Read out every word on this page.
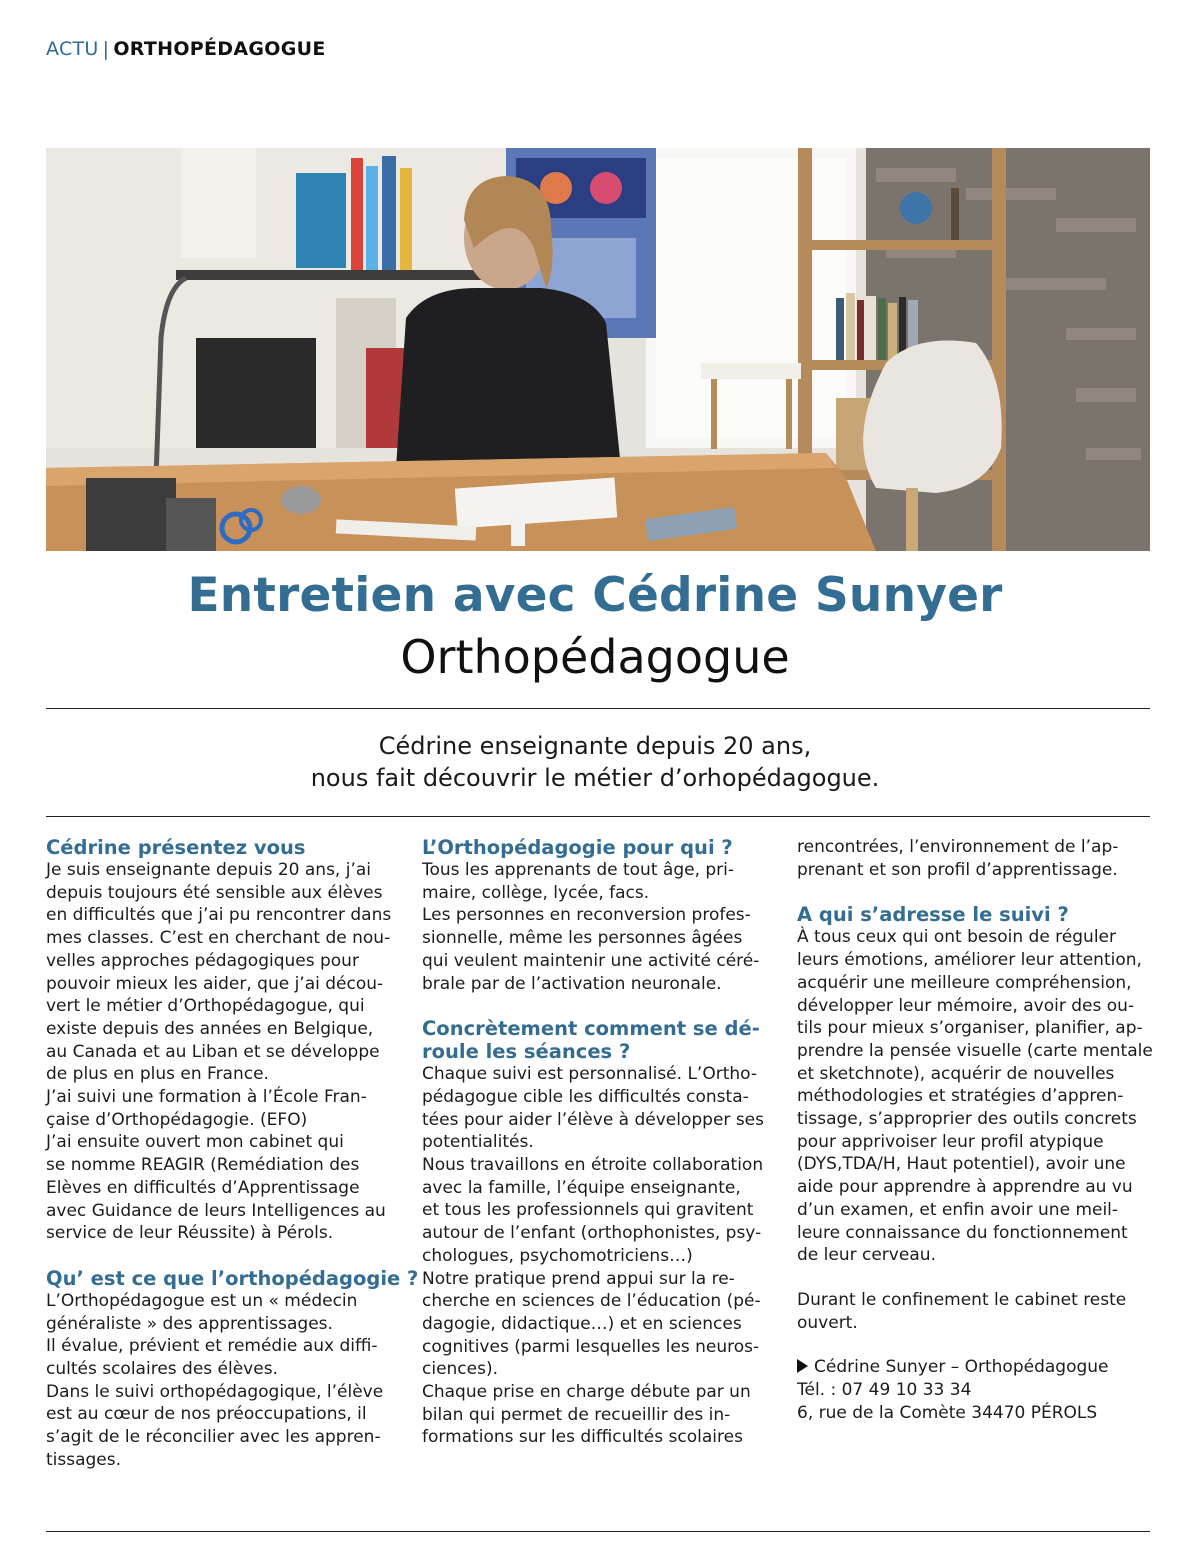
ACTU | ORTHOPÉDAGOGUE
Entretien avec Cédrine Sunyer
Orthopédagogue
Cédrine enseignante depuis 20 ans,
nous fait découvrir le métier d’orhopédagogue.
Cédrine présentez vous
Je suis enseignante depuis 20 ans, j’ai
depuis toujours été sensible aux élèves
en difficultés que j’ai pu rencontrer dans
mes classes. C’est en cherchant de nou-
velles approches pédagogiques pour
pouvoir mieux les aider, que j’ai décou-
vert le métier d’Orthopédagogue, qui
existe depuis des années en Belgique,
au Canada et au Liban et se développe
de plus en plus en France.
J’ai suivi une formation à l’École Fran-
çaise d’Orthopédagogie. (EFO)
J’ai ensuite ouvert mon cabinet qui
se nomme REAGIR (Remédiation des
Elèves en difficultés d’Apprentissage
avec Guidance de leurs Intelligences au
service de leur Réussite) à Pérols.
Qu’ est ce que l’orthopédagogie ?
L’Orthopédagogue est un « médecin
généraliste » des apprentissages.
Il évalue, prévient et remédie aux diffi-
cultés scolaires des élèves.
Dans le suivi orthopédagogique, l’élève
est au cœur de nos préoccupations, il
s’agit de le réconcilier avec les appren-
tissages.
L’Orthopédagogie pour qui ?
Tous les apprenants de tout âge, pri-
maire, collège, lycée, facs.
Les personnes en reconversion profes-
sionnelle, même les personnes âgées
qui veulent maintenir une activité céré-
brale par de l’activation neuronale.
Concrètement comment se dé-
roule les séances ?
Chaque suivi est personnalisé. L’Ortho-
pédagogue cible les difficultés consta-
tées pour aider l’élève à développer ses
potentialités.
Nous travaillons en étroite collaboration
avec la famille, l’équipe enseignante,
et tous les professionnels qui gravitent
autour de l’enfant (orthophonistes, psy-
chologues, psychomotriciens…)
Notre pratique prend appui sur la re-
cherche en sciences de l’éducation (pé-
dagogie, didactique…) et en sciences
cognitives (parmi lesquelles les neuros-
ciences).
Chaque prise en charge débute par un
bilan qui permet de recueillir des in-
formations sur les difficultés scolaires
rencontrées, l’environnement de l’ap-
prenant et son profil d’apprentissage.
A qui s’adresse le suivi ?
À tous ceux qui ont besoin de réguler
leurs émotions, améliorer leur attention,
acquérir une meilleure compréhension,
développer leur mémoire, avoir des ou-
tils pour mieux s’organiser, planifier, ap-
prendre la pensée visuelle (carte mentale
et sketchnote), acquérir de nouvelles
méthodologies et stratégies d’appren-
tissage, s’approprier des outils concrets
pour apprivoiser leur profil atypique
(DYS,TDA/H, Haut potentiel), avoir une
aide pour apprendre à apprendre au vu
d’un examen, et enfin avoir une meil-
leure connaissance du fonctionnement
de leur cerveau.
Durant le confinement le cabinet reste
ouvert.
Cédrine Sunyer – Orthopédagogue
Tél. : 07 49 10 33 34
6, rue de la Comète 34470 PÉROLS
